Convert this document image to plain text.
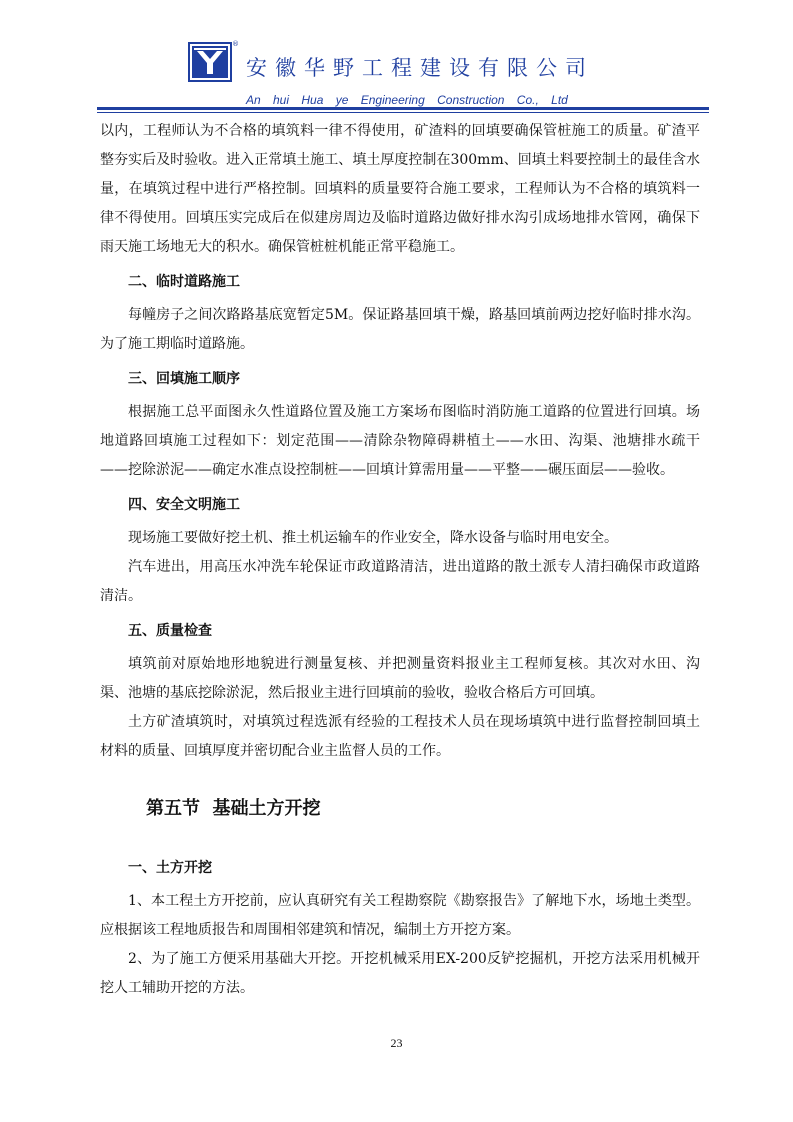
®
安徽华野工程建设有限公司
An hui Hua ye Engineering Construction Co., Ltd

以内，工程师认为不合格的填筑料一律不得使用，矿渣料的回填要确保管桩施工的质量。矿渣平整夯实后及时验收。进入正常填土施工、填土厚度控制在300mm、回填土料要控制土的最佳含水量，在填筑过程中进行严格控制。回填料的质量要符合施工要求，工程师认为不合格的填筑料一律不得使用。回填压实完成后在似建房周边及临时道路边做好排水沟引成场地排水管网，确保下雨天施工场地无大的积水。确保管桩桩机能正常平稳施工。

二、临时道路施工

每幢房子之间次路路基底宽暂定5M。保证路基回填干燥，路基回填前两边挖好临时排水沟。为了施工期临时道路施。

三、回填施工顺序

根据施工总平面图永久性道路位置及施工方案场布图临时消防施工道路的位置进行回填。场地道路回填施工过程如下：划定范围——清除杂物障碍耕植土——水田、沟渠、池塘排水疏干——挖除淤泥——确定水准点设控制桩——回填计算需用量——平整——碾压面层——验收。

四、安全文明施工

现场施工要做好挖土机、推土机运输车的作业安全，降水设备与临时用电安全。

汽车进出，用高压水冲洗车轮保证市政道路清洁，进出道路的散土派专人清扫确保市政道路清洁。

五、质量检查

填筑前对原始地形地貌进行测量复核、并把测量资料报业主工程师复核。其次对水田、沟渠、池塘的基底挖除淤泥，然后报业主进行回填前的验收，验收合格后方可回填。

土方矿渣填筑时，对填筑过程选派有经验的工程技术人员在现场填筑中进行监督控制回填土材料的质量、回填厚度并密切配合业主监督人员的工作。

第五节  基础土方开挖
一、土方开挖

1、本工程土方开挖前，应认真研究有关工程勘察院《勘察报告》了解地下水，场地土类型。应根据该工程地质报告和周围相邻建筑和情况，编制土方开挖方案。

2、为了施工方便采用基础大开挖。开挖机械采用EX-200反铲挖掘机，开挖方法采用机械开挖人工辅助开挖的方法。

23
